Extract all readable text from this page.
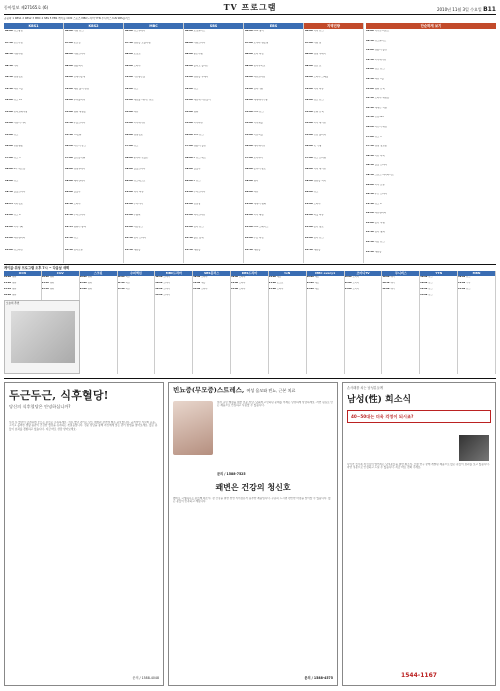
동아일보 제27165호 (6)	TV 프로그램	2010년 11월 3일 수요일 B11
공중파 1 KBS1 2 KBS2 3 MBC 4 SBS 5 EBS 케이블 OCN 스포츠 MBC드라마 YTN 투니버스 tvN SBS플러스
KBS1
06:00뉴스광장
07:30인간극장
08:30아침마당
09:40가족
10:50생생정보
11:40다큐 3일
12:00뉴스 12
13:00전국노래자랑
14:00사랑의 가족
15:00뉴스
16:00진품명품
17:00뉴스 5
18:006시 내고향
19:00뉴스
19:30일일드라마
20:25의학정보
21:00뉴스 9
22:00시사기획
23:00다큐멘터리
24:00뉴스라인
KBS2
06:00아침 뉴스
07:00굿모닝
08:00아침드라마
09:00생활백서
10:00연예가중계
11:00체험 삶의 현장
12:00부부클리닉
13:00영화 재방송
14:30주말드라마
15:40TV동화
16:20어린이 뉴스
17:00열린음악회
18:00생생투데이
19:00해피선데이
20:00일일극
20:40드라마
21:50수목드라마
22:55영화가 좋다
23:50뉴스
24:40심야토론
MBC
06:00뉴스투데이
07:40생방송 오늘아침
09:00모닝쇼
10:00드라마
11:00기분좋은날
12:00뉴스
13:00세상을 바꾸는 퀴즈
14:00다큐
15:00시사매거진
16:00생생정보
17:00뉴스
18:00찾아라 맛있는
19:00일일드라마
20:00뉴스데스크
21:00역사 다큐
22:00수목미니
23:00무릎팍
24:00마감뉴스
24:30심야 드라마
25:30재방송
SBS
06:00모닝와이드
08:00아침드라마
09:00좋은아침
10:00잘먹고 잘사는
11:00생방송 투데이
12:00뉴스
13:00세상에 이런일이
14:00영화
15:00시사다큐
16:00SBS 뉴스
17:00생활의 달인
18:008 뉴스 예고
19:00일일극
20:008 뉴스
21:00수목드라마
22:00강심장
23:00나이트라인
24:00심야 뉴스
24:40골프 중계
25:30재방송
EBS
06:00EBS 영어
07:00모여라 딩동댕
08:00교육 특강
09:00방과후학교
10:00다큐프라임
11:00한국기행
12:00세계테마기행
13:00EBS 뉴스
14:00지식채널
15:00극한직업
16:00애니메이션
17:00보니하니
18:00공부의 왕도
19:00명의
20:00다큐
21:00세계의 명화
22:00시사 대담
23:00EBS 스페이스
24:00수능 특강
24:40재방송
지역민방
06:00지역 뉴스
07:00아침 창
08:00생생 투데이
09:00정보 쇼
10:00드라마 스페셜
11:00지역 다큐
12:00정오 뉴스
13:00문화 산책
14:00시사 매거진
15:00건강 클리닉
16:00맛 기행
17:00뉴스 브리핑
18:00지역 매거진
19:00생방송 저녁
20:00뉴스
21:00드라마
22:00특집 다큐
23:00음악 캠프
24:00심야 뉴스
24:40재방송
단순하게 보기
10:00지구촌 리포트
10:30뉴스와이드
11:00생활의 발견
11:30시사매거진
12:00정오 뉴스
12:30다큐 3일
13:00영화 산책
13:50드라마 재방송
14:40세계는 지금
15:30건강365
16:20어린이 세상
17:00뉴스 5
17:30생생 정보통
18:10이슈 추적
18:50일일 드라마
19:30스포츠 하이라이트
20:00시사 토론
20:50주간 드라마
21:40뉴스 9
22:20다큐멘터리
23:00음악 여행
23:40심야 영화
24:30마감 뉴스
25:10재방송
케이블·위성 프로그램 오후 7시 ~ 다음날 새벽
OCN
19:00영화
21:00영화
23:10영화
01:00영화
CGV
19:10영화
21:30영화
23:50영화
스크린
19:00영화
21:00영화
23:00영화
수퍼액션
19:00액션
21:20액션
23:40액션
MBC드라마
19:00드라마
20:00드라마
22:00드라마
24:00드라마
SBS플러스
19:00드라마
21:00예능
23:00드라마
KBS드라마
19:00드라마
21:00드라마
23:00드라마
tvN
19:00예능
21:00토크쇼
23:00드라마
MBC every1
19:00예능
21:00예능
23:00예능
코미디TV
19:00코미디
21:00코미디
23:00코미디
투니버스
19:00애니
20:30애니
22:00애니
YTN
19:00뉴스
20:00뉴스
22:00뉴스
24:00뉴스
MBN
19:00뉴스
21:00시사
23:00뉴스
오늘의 추천
두근두근, 식후혈당!
당신의 식후혈당은 안녕하십니까?
식사 후 혈당이 급격하게 오르는 분들은 주목하세요. 식후 혈당 관리는 당뇨 예방과 관리에 매우 중요합니다. 규칙적인 식사와 운동, 그리고 올바른 생활 습관이 건강한 혈당을 유지하는 첫걸음입니다. 전문 상담을 통해 자신에게 맞는 관리 방법을 찾아보세요. 많은 분들이 효과를 경험하고 있습니다. 지금 바로 상담 받아보세요.
문의 / 1588-4048
빈뇨증(무모증)스트레스, 여성 음모와 빈뇨, 근본 치료
여성 고민 해결을 위한 전문 상담. 남몰래 고민하던 문제를 이제는 당당하게 상담하세요. 자연 원료로 만든 제품으로 안심하고 사용할 수 있습니다.
문의 / 1588-7525
쾌변은 건강의 청신호
변비로 고생하시는 분들께 희소식. 장 건강을 위한 천연 식이섬유가 풍부한 제품입니다. 꾸준히 드시면 편안한 아침을 맞이할 수 있습니다. 많은 분들이 만족하고 계십니다.
문의 / 1588-4575
손사래를 치는 남성분들께
남성(性) 희소식
40~50대는 더욱 걱정이 되시죠?
나이가 들수록 자신감이 떨어지는 남성분들을 위한 희소식. 오랜 연구 끝에 개발된 제품으로 많은 분들이 효과를 보고 있습니다. 자연 성분으로 안심하고 드실 수 있습니다. 지금 바로 전화 주세요.
1544-1167
